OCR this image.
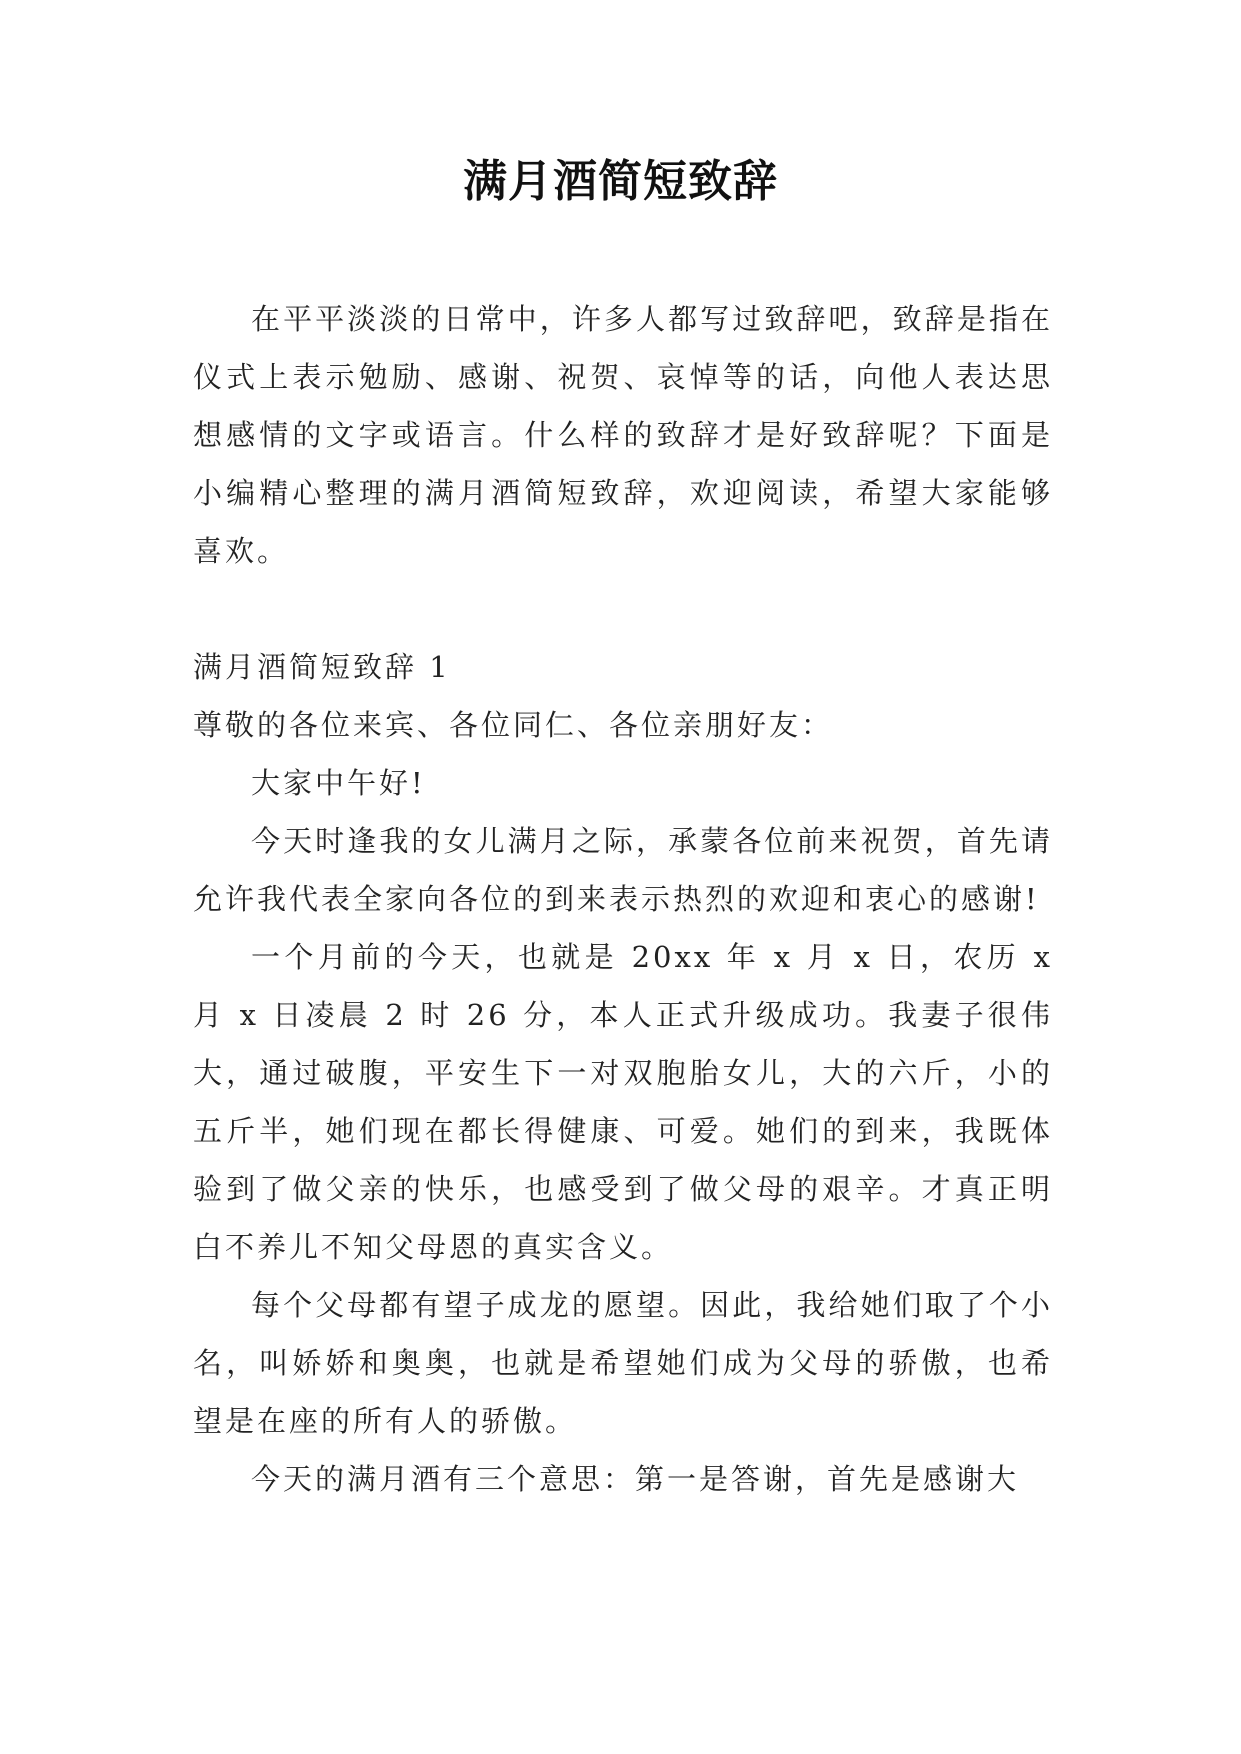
满月酒简短致辞

在平平淡淡的日常中，许多人都写过致辞吧，致辞是指在仪式上表示勉励、感谢、祝贺、哀悼等的话，向他人表达思想感情的文字或语言。什么样的致辞才是好致辞呢？下面是小编精心整理的满月酒简短致辞，欢迎阅读，希望大家能够喜欢。

满月酒简短致辞 1

尊敬的各位来宾、各位同仁、各位亲朋好友：

大家中午好!

今天时逢我的女儿满月之际，承蒙各位前来祝贺，首先请允许我代表全家向各位的到来表示热烈的欢迎和衷心的感谢!

一个月前的今天，也就是 20xx 年 x 月 x 日，农历 x 月 x 日凌晨 2 时 26 分，本人正式升级成功。我妻子很伟大，通过破腹，平安生下一对双胞胎女儿，大的六斤，小的五斤半，她们现在都长得健康、可爱。她们的到来，我既体验到了做父亲的快乐，也感受到了做父母的艰辛。才真正明白不养儿不知父母恩的真实含义。

每个父母都有望子成龙的愿望。因此，我给她们取了个小名，叫娇娇和奥奥，也就是希望她们成为父母的骄傲，也希望是在座的所有人的骄傲。

今天的满月酒有三个意思：第一是答谢，首先是感谢大
